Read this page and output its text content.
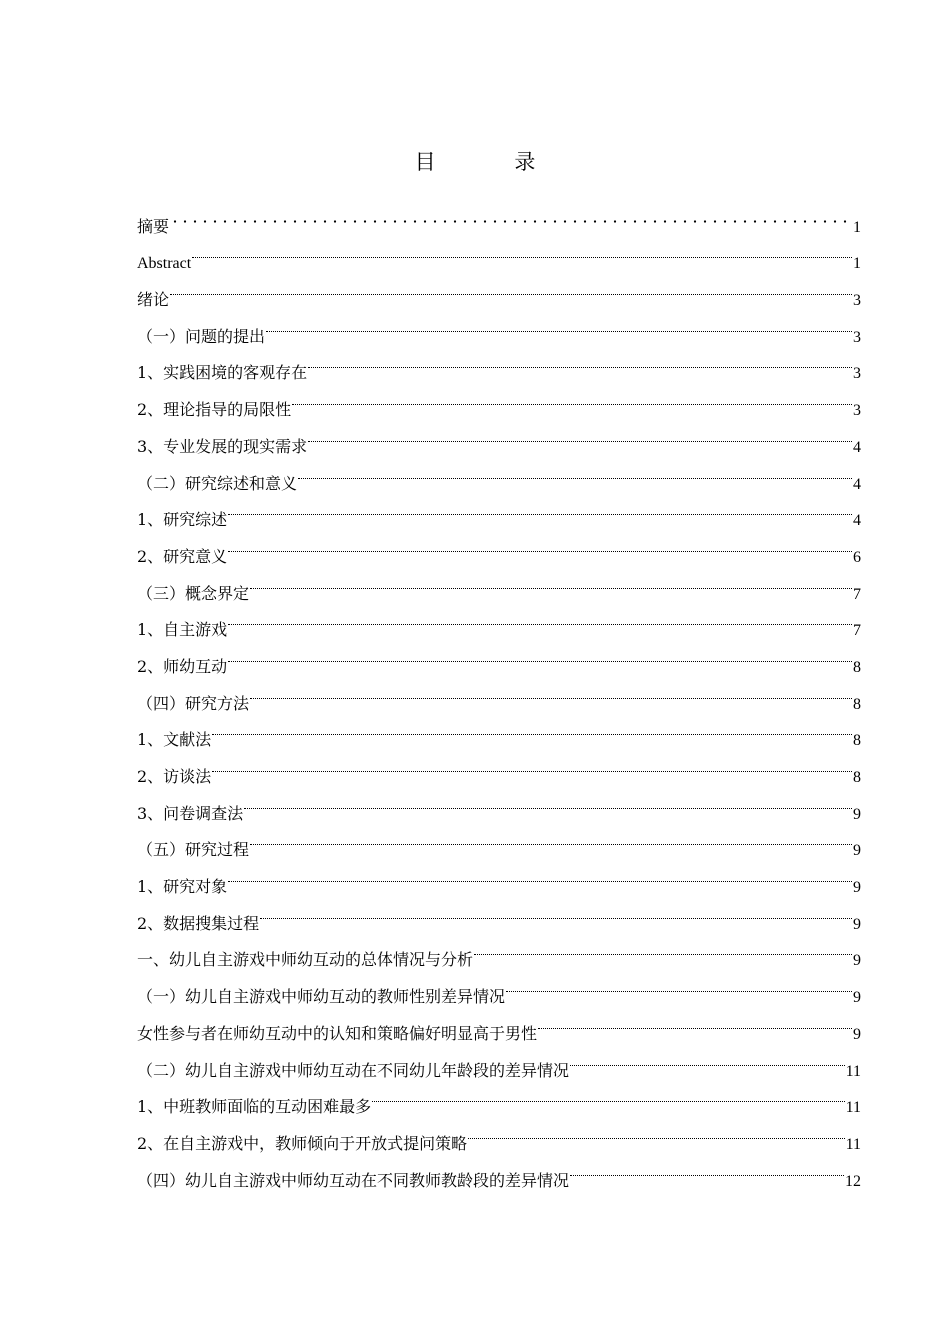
目 录
摘要	1
Abstract	1
绪论	3
（一）问题的提出	3
1、实践困境的客观存在	3
2、理论指导的局限性	3
3、专业发展的现实需求	4
（二）研究综述和意义	4
1、研究综述	4
2、研究意义	6
（三）概念界定	7
1、自主游戏	7
2、师幼互动	8
（四）研究方法	8
1、文献法	8
2、访谈法	8
3、问卷调查法	9
（五）研究过程	9
1、研究对象	9
2、数据搜集过程	9
一、幼儿自主游戏中师幼互动的总体情况与分析	9
（一）幼儿自主游戏中师幼互动的教师性别差异情况	9
女性参与者在师幼互动中的认知和策略偏好明显高于男性	9
（二）幼儿自主游戏中师幼互动在不同幼儿年龄段的差异情况	11
1、中班教师面临的互动困难最多	11
2、在自主游戏中，教师倾向于开放式提问策略	11
（四）幼儿自主游戏中师幼互动在不同教师教龄段的差异情况	12
